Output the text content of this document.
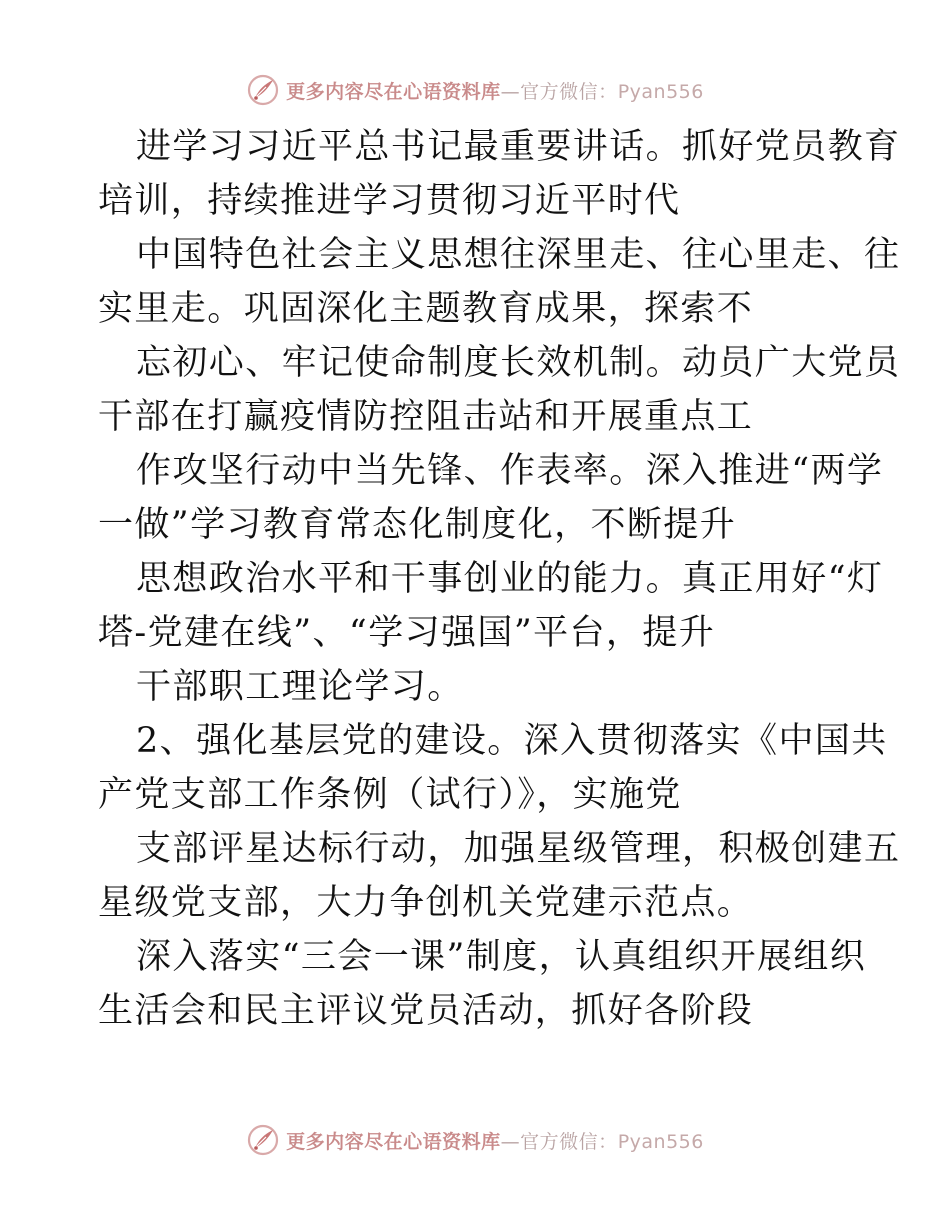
更多内容尽在心语资料库—官方微信：Pyan556
进学习习近平总书记最重要讲话。抓好党员教育
培训，持续推进学习贯彻习近平时代
中国特色社会主义思想往深里走、往心里走、往
实里走。巩固深化主题教育成果，探索不
忘初心、牢记使命制度长效机制。动员广大党员
干部在打赢疫情防控阻击站和开展重点工
作攻坚行动中当先锋、作表率。深入推进“两学
一做”学习教育常态化制度化，不断提升
思想政治水平和干事创业的能力。真正用好“灯
塔-党建在线”、“学习强国”平台，提升
干部职工理论学习。
2、强化基层党的建设。深入贯彻落实《中国共
产党支部工作条例（试行）》，实施党
支部评星达标行动，加强星级管理，积极创建五
星级党支部，大力争创机关党建示范点。
深入落实“三会一课”制度，认真组织开展组织
生活会和民主评议党员活动，抓好各阶段
更多内容尽在心语资料库—官方微信：Pyan556
